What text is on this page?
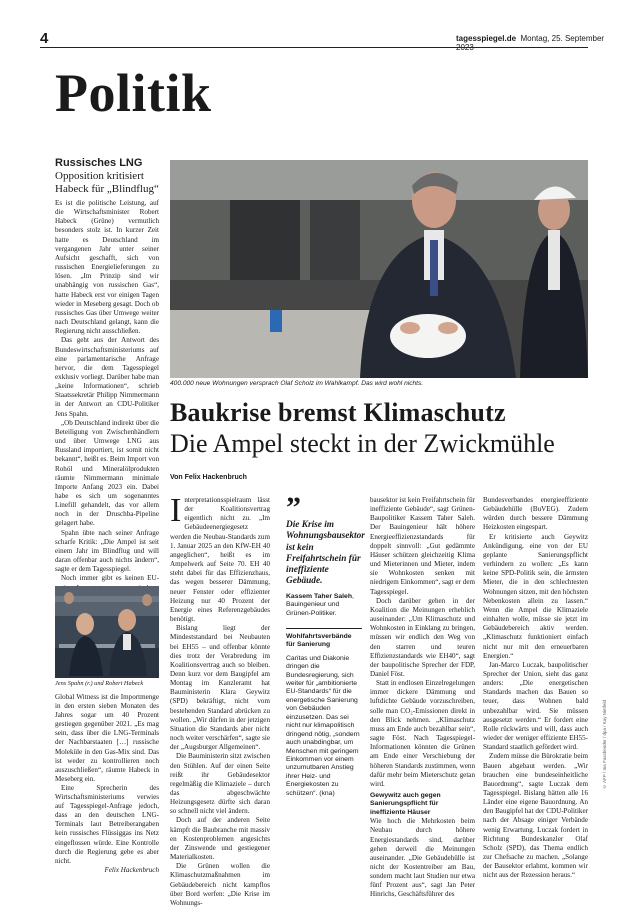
4	tagesspiegel.de Montag, 25. September
Politik
Russisches LNG
Opposition kritisiert Habeck für „Blindflug“

Es ist die politische Leistung, auf die Wirtschaftsminister Robert Habeck (Grüne) vermutlich besonders stolz ist. In kurzer Zeit hatte es Deutschland im vergangenen Jahr unter seiner Aufsicht geschafft, sich von russischen Energielieferungen zu lösen. „Im Prinzip sind wir unabhängig von russischen Gas“, hatte Habeck erst vor einigen Tagen wieder in Meseberg gesagt. Doch ob russisches Gas über Umwege weiter nach Deutschland gelangt, kann die Regierung nicht ausschließen.

Das geht aus der Antwort des Bundeswirtschaftsministeriums auf eine parlamentarische Anfrage hervor, die dem Tagesspiegel exklusiv vorliegt. Darüber habe man „keine Informationen“, schrieb Staatssekretär Philipp Nimmermann in der Antwort an CDU-Politiker Jens Spahn.

„Ob Deutschland indirekt über die Beteiligung von Zwischenhändlern und über Umwege LNG aus Russland importiert, ist somit nicht bekannt“, heißt es. Beim Import von Rohöl und Mineralölprodukten räumte Nimmermann minimale Importe Anfang 2023 ein. Dabei habe es sich um sogenanntes Linefill gehandelt, das vor allem noch in der Druschba-Pipeline gelagert habe.

Spahn übte nach seiner Anfrage scharfe Kritik: „Die Ampel ist seit einem Jahr im Blindflug und will daran offenbar auch nichts ändern“, sagte er dem Tagesspiegel.

Noch immer gibt es keinen EU-

Jens Spahn (r.) und Robert Habeck

Global Witness ist die Importmenge in den ersten sieben Monaten des Jahres sogar um 40 Prozent gestiegen gegenüber 2021. „Es mag sein, dass über die LNG-Terminals der Nachbarstaaten […] russische Moleküle in den Gas-Mix sind. Das ist weder zu kontrollieren noch auszuschließen“, räumte Habeck in Meseberg ein.

Eine Sprecherin des Wirtschaftsministeriums verwies auf Tagesspiegel-Anfrage jedoch, dass an den deutschen LNG-Terminals laut Betreiberangaben kein russisches Flüssiggas ins Netz eingeflossen würde. Eine Kontrolle durch die Regierung gebe es aber nicht.

Felix Hackenbruch
400.000 neue Wohnungen versprach Olaf Scholz im Wahlkampf. Das wird wohl nichts.
Baukrise bremst Klimaschutz
Die Ampel steckt in der Zwickmühle
Von Felix Hackenbruch

Interpretationsspielraum lässt der Koalitionsvertrag eigentlich nicht zu. „Im Gebäudeenergiegesetz werden die Neubau-Standards zum 1. Januar 2025 an den KfW-EH 40 angeglichen“, heißt es im Ampelwerk auf Seite 70. EH 40 steht dabei für das Effizienzhaus, das wegen besserer Dämmung, neuer Fenster oder effizienter Heizung nur 40 Prozent der Energie eines Referenzgebäudes benötigt.

Bislang liegt der Mindeststandard bei Neubauten bei EH55 – und offenbar könnte dies trotz der Verabredung im Koalitionsvertrag auch so bleiben. Denn kurz vor dem Baugipfel am Montag im Kanzleramt hat Bauministerin Klara Geywitz (SPD) bekräftigt, nicht vom bestehenden Standard abrücken zu wollen. „Wir dürfen in der jetzigen Situation die Standards aber nicht noch weiter verschärfen“, sagte sie der „Augsburger Allgemeinen“.

Die Bauministerin sitzt zwischen den Stühlen. Auf der einen Seite reißt ihr Gebäudesektor regelmäßig die Klimaziele – durch das abgeschwächte Heizungsgesetz dürfte sich daran so schnell nicht viel ändern.

Doch auf der anderen Seite kämpft die Baubranche mit massiv en Kostenproblemen angesichts der Zinswende und gestiegener Materialkosten.

Die Grünen wollen die Klimaschutzmaßnahmen im Gebäudebereich nicht kampflos über Bord werfen: „Die Krise im Wohnungs-

”
Die Krise im Wohnungsbausektor ist kein Freifahrtschein für ineffiziente Gebäude.
Kassem Taher Saleh, Bauingenieur und Grünen-Politiker.
Wohlfahrtsverbände für Sanierung
Caritas und Diakonie dringen die Bundesregierung, sich weiter für „ambitionierte EU-Standards“ für die energetische Sanierung von Gebäuden einzusetzen. Das sei nicht nur klimapolitisch dringend nötig, „sondern auch unabdingbar, um Menschen mit geringem Einkommen vor einem unzumutbaren Anstieg ihrer Heiz- und Energiekosten zu schützen“. (kna)

bausektor ist kein Freifahrtschein für ineffiziente Gebäude“, sagt Grünen-Baupolitiker Kassem Taher Saleh. Der Bauingenieur hält höhere Energieeffizienzstandards für doppelt sinnvoll: „Gut gedämmte Häuser schützen gleichzeitig Klima und Mieterinnen und Mieter, indem sie Wohnkosten senken mit niedrigem Einkommen“, sagt er dem Tagesspiegel.

Doch darüber gehen in der Koalition die Meinungen erheblich auseinander: „Um Klimaschutz und Wohnkosten in Einklang zu bringen, müssen wir endlich den Weg von den starren und teuren Effizienzstandards wie EH40“, sagt der baupolitische Sprecher der FDP, Daniel Föst.

Statt in endlosen Einzelregelungen immer dickere Dämmung und luftdichte Gebäude vorzuschreiben, solle man CO₂-Emissionen direkt in den Blick nehmen. „Klimaschutz muss am Ende auch bezahlbar sein“, sagte Föst. Nach Tagesspiegel-Informationen könnten die Grünen am Ende einer Verschiebung der höheren Standards zustimmen, wenn dafür mehr beim Mieterschutz getan wird.

Gewywitz auch gegen Sanierungspflicht für ineffiziente Häuser

Wie hoch die Mehrkosten beim Neubau durch höhere Energiestandards sind, darüber gehen derweil die Meinungen auseinander. „Die Gebäudehülle ist nicht der Kostentreiber am Bau, sondern macht laut Studien nur etwa fünf Prozent aus“, sagt Jan Peter Hinrichs, Geschäftsführer des

Bundesverbandes energieeffiziente Gebäudehülle (BuVEG). Zudem würden durch bessere Dämmung Heizkosten eingespart.

Er kritisierte auch Geywitz Ankündigung, eine von der EU geplante Sanierungspflicht verhindern zu wollen: „Es kann keine SPD-Politik sein, die ärmsten Mieter, die in den schlechtesten Wohnungen sitzen, mit den höchsten Nebenkosten allein zu lassen.“ Wenn die Ampel die Klimaziele einhalten wolle, müsse sie jetzt im Gebäudebereich aktiv werden. „Klimaschutz funktioniert einfach nicht nur mit den erneuerbaren Energien.“

Jan-Marco Luczak, baupolitischer Sprecher der Union, sieht das ganz anders: „Die energetischen Standards machen das Bauen so teuer, dass Wohnen bald unbezahlbar wird. Sie müssen ausgesetzt werden.“ Er fordert eine Rolle rückwärts und will, dass auch wieder der weniger effiziente EH55-Standard staatlich gefördert wird.

Zudem müsse die Bürokratie beim Bauen abgebaut werden. „Wir brauchen eine bundeseinheitliche Bauordnung“, sagte Luczak dem Tagesspiegel. Bislang hätten alle 16 Länder eine eigene Bauordnung. An den Baugipfel hat der CDU-Politiker nach der Absage einiger Verbände wenig Erwartung. Luczak fordert in Richtung Bundeskanzler Olaf Scholz (SPD), das Thema endlich zur Chefsache zu machen. „Solange der Bausektor erlahmt, kommen wir nicht aus der Rezession heraus.“

© AFP / Ina Fassbender / dpa / Kay Nietfeld
